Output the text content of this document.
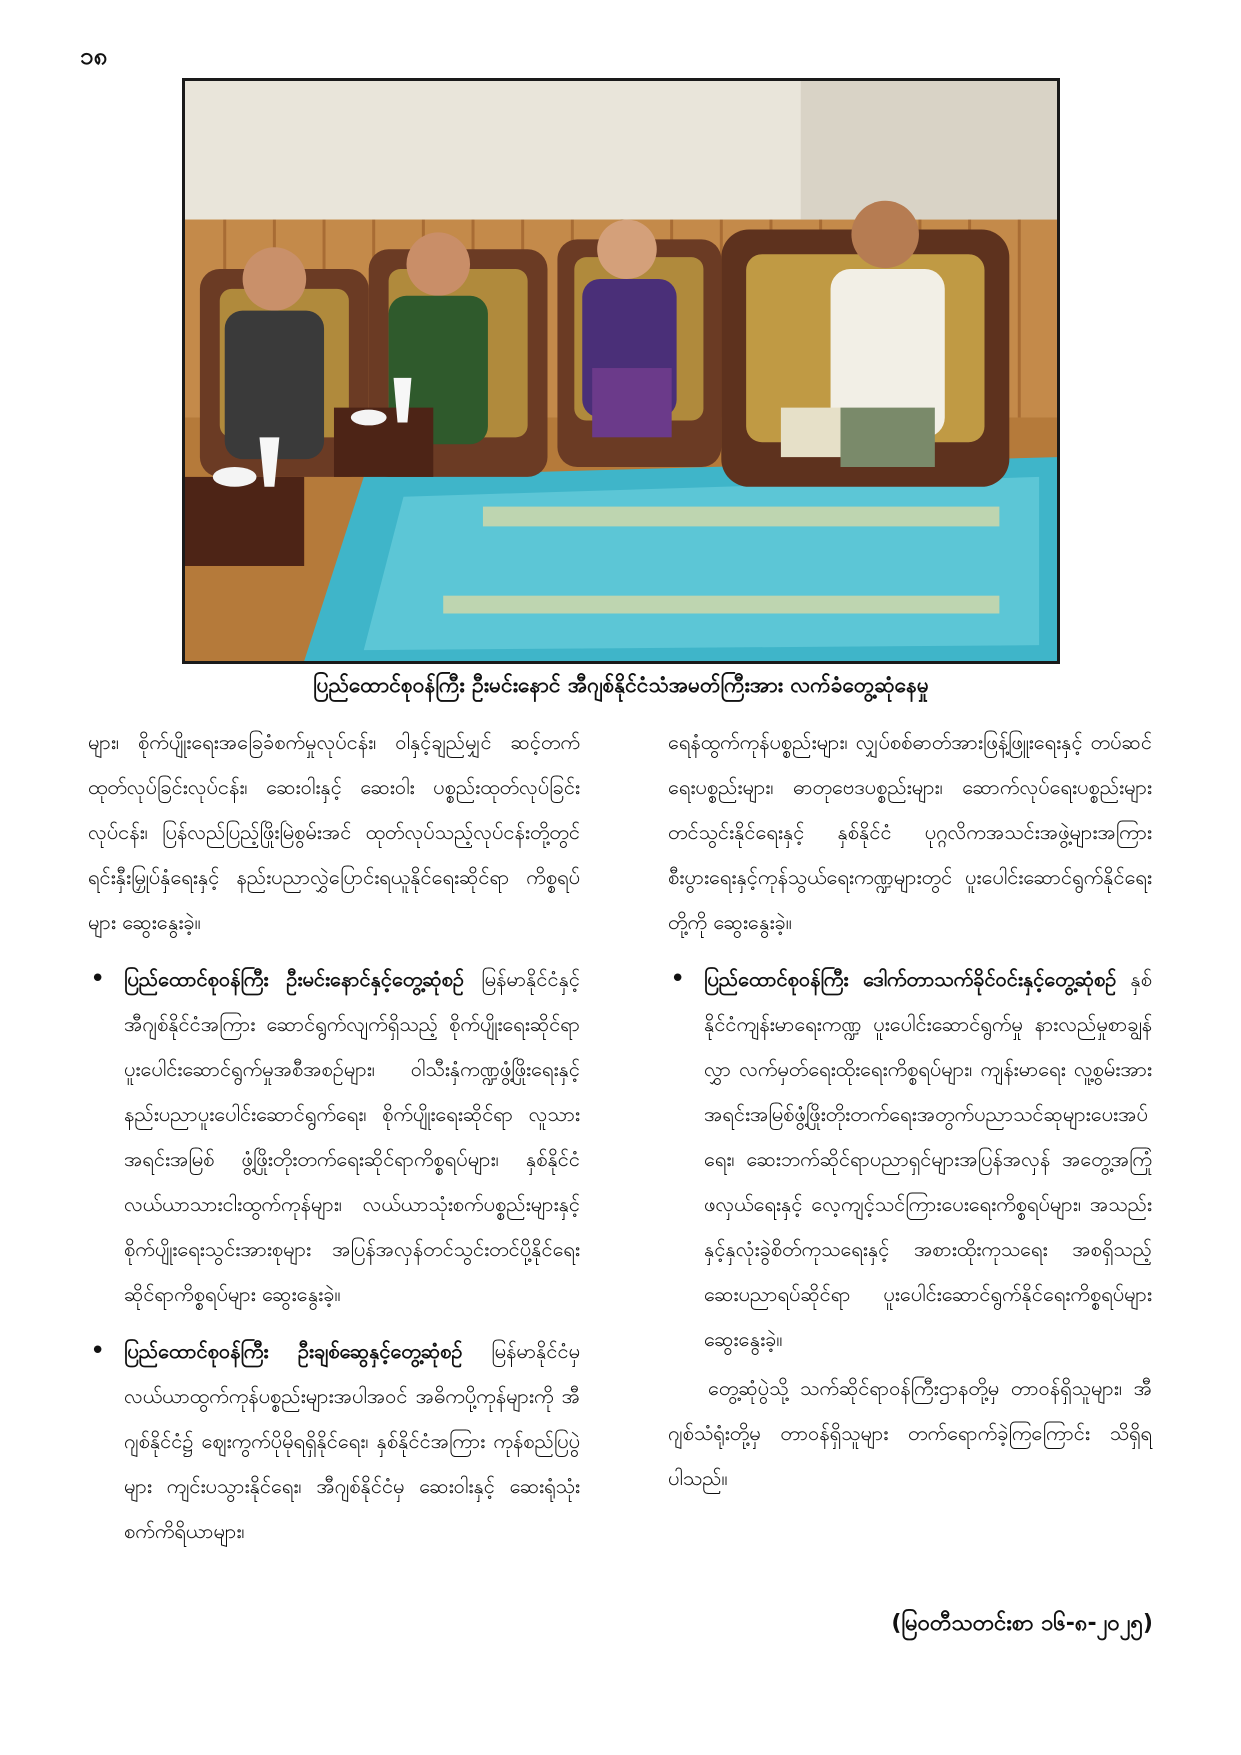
၁၈
ပြည်ထောင်စုဝန်ကြီး ဦးမင်းနောင် အီဂျစ်နိုင်ငံသံအမတ်ကြီးအား လက်ခံတွေ့ဆုံနေမှု

များ၊ စိုက်ပျိုးရေးအခြေခံစက်မှုလုပ်ငန်း၊ ဝါနှင့်ချည်မျှင် ဆင့်တက်ထုတ်လုပ်ခြင်းလုပ်ငန်း၊ ဆေးဝါးနှင့် ဆေးဝါး ပစ္စည်းထုတ်လုပ်ခြင်းလုပ်ငန်း၊ ပြန်လည်ပြည့်ဖြိုးမြဲစွမ်းအင် ထုတ်လုပ်သည့်လုပ်ငန်းတို့တွင် ရင်းနှီးမြှုပ်နှံရေးနှင့် နည်းပညာလွှဲပြောင်းရယူနိုင်ရေးဆိုင်ရာ ကိစ္စရပ်များ ဆွေးနွေးခဲ့။

• ပြည်ထောင်စုဝန်ကြီး ဦးမင်းနောင်နှင့်တွေ့ဆုံစဉ် မြန်မာနိုင်ငံနှင့် အီဂျစ်နိုင်ငံအကြား ဆောင်ရွက်လျက်ရှိသည့် စိုက်ပျိုးရေးဆိုင်ရာ ပူးပေါင်းဆောင်ရွက်မှုအစီအစဉ်များ၊ ဝါသီးနှံကဏ္ဍဖွံ့ဖြိုးရေးနှင့် နည်းပညာပူးပေါင်းဆောင်ရွက်ရေး၊ စိုက်ပျိုးရေးဆိုင်ရာ လူသားအရင်းအမြစ် ဖွံ့ဖြိုးတိုးတက်ရေးဆိုင်ရာကိစ္စရပ်များ၊ နှစ်နိုင်ငံ လယ်ယာသားငါးထွက်ကုန်များ၊ လယ်ယာသုံးစက်ပစ္စည်းများနှင့် စိုက်ပျိုးရေးသွင်းအားစုများ အပြန်အလှန်တင်သွင်းတင်ပို့နိုင်ရေးဆိုင်ရာကိစ္စရပ်များ ဆွေးနွေးခဲ့။

• ပြည်ထောင်စုဝန်ကြီး ဦးချစ်ဆွေနှင့်တွေ့ဆုံစဉ် မြန်မာနိုင်ငံမှ လယ်ယာထွက်ကုန်ပစ္စည်းများအပါအဝင် အဓိကပို့ကုန်များကို အီဂျစ်နိုင်ငံ၌ ဈေးကွက်ပိုမိုရရှိနိုင်ရေး၊ နှစ်နိုင်ငံအကြား ကုန်စည်ပြပွဲများ ကျင်းပသွားနိုင်ရေး၊ အီဂျစ်နိုင်ငံမှ ဆေးဝါးနှင့် ဆေးရုံသုံးစက်ကိရိယာများ၊

ရေနံထွက်ကုန်ပစ္စည်းများ၊ လျှပ်စစ်ဓာတ်အားဖြန့်ဖြူးရေးနှင့် တပ်ဆင်ရေးပစ္စည်းများ၊ ဓာတုဗေဒပစ္စည်းများ၊ ဆောက်လုပ်ရေးပစ္စည်းများ တင်သွင်းနိုင်ရေးနှင့် နှစ်နိုင်ငံ ပုဂ္ဂလိကအသင်းအဖွဲ့များအကြား စီးပွားရေးနှင့်ကုန်သွယ်ရေးကဏ္ဍများတွင် ပူးပေါင်းဆောင်ရွက်နိုင်ရေးတို့ကို ဆွေးနွေးခဲ့။

• ပြည်ထောင်စုဝန်ကြီး ဒေါက်တာသက်ခိုင်ဝင်းနှင့်တွေ့ဆုံစဉ် နှစ်နိုင်ငံကျန်းမာရေးကဏ္ဍ ပူးပေါင်းဆောင်ရွက်မှု နားလည်မှုစာချွန်လွှာ လက်မှတ်ရေးထိုးရေးကိစ္စရပ်များ၊ ကျန်းမာရေး လူ့စွမ်းအားအရင်းအမြစ်ဖွံ့ဖြိုးတိုးတက်ရေးအတွက်ပညာသင်ဆုများပေးအပ်ရေး၊ ဆေးဘက်ဆိုင်ရာပညာရှင်များအပြန်အလှန် အတွေ့အကြုံဖလှယ်ရေးနှင့် လေ့ကျင့်သင်ကြားပေးရေးကိစ္စရပ်များ၊ အသည်းနှင့်နှလုံးခွဲစိတ်ကုသရေးနှင့် အစားထိုးကုသရေး အစရှိသည့် ဆေးပညာရပ်ဆိုင်ရာ ပူးပေါင်းဆောင်ရွက်နိုင်ရေးကိစ္စရပ်များဆွေးနွေးခဲ့။

တွေ့ဆုံပွဲသို့ သက်ဆိုင်ရာဝန်ကြီးဌာနတို့မှ တာဝန်ရှိသူများ၊ အီဂျစ်သံရုံးတို့မှ တာဝန်ရှိသူများ တက်ရောက်ခဲ့ကြကြောင်း သိရှိရပါသည်။

(မြဝတီသတင်းစာ ၁၆-၈-၂၀၂၅)
